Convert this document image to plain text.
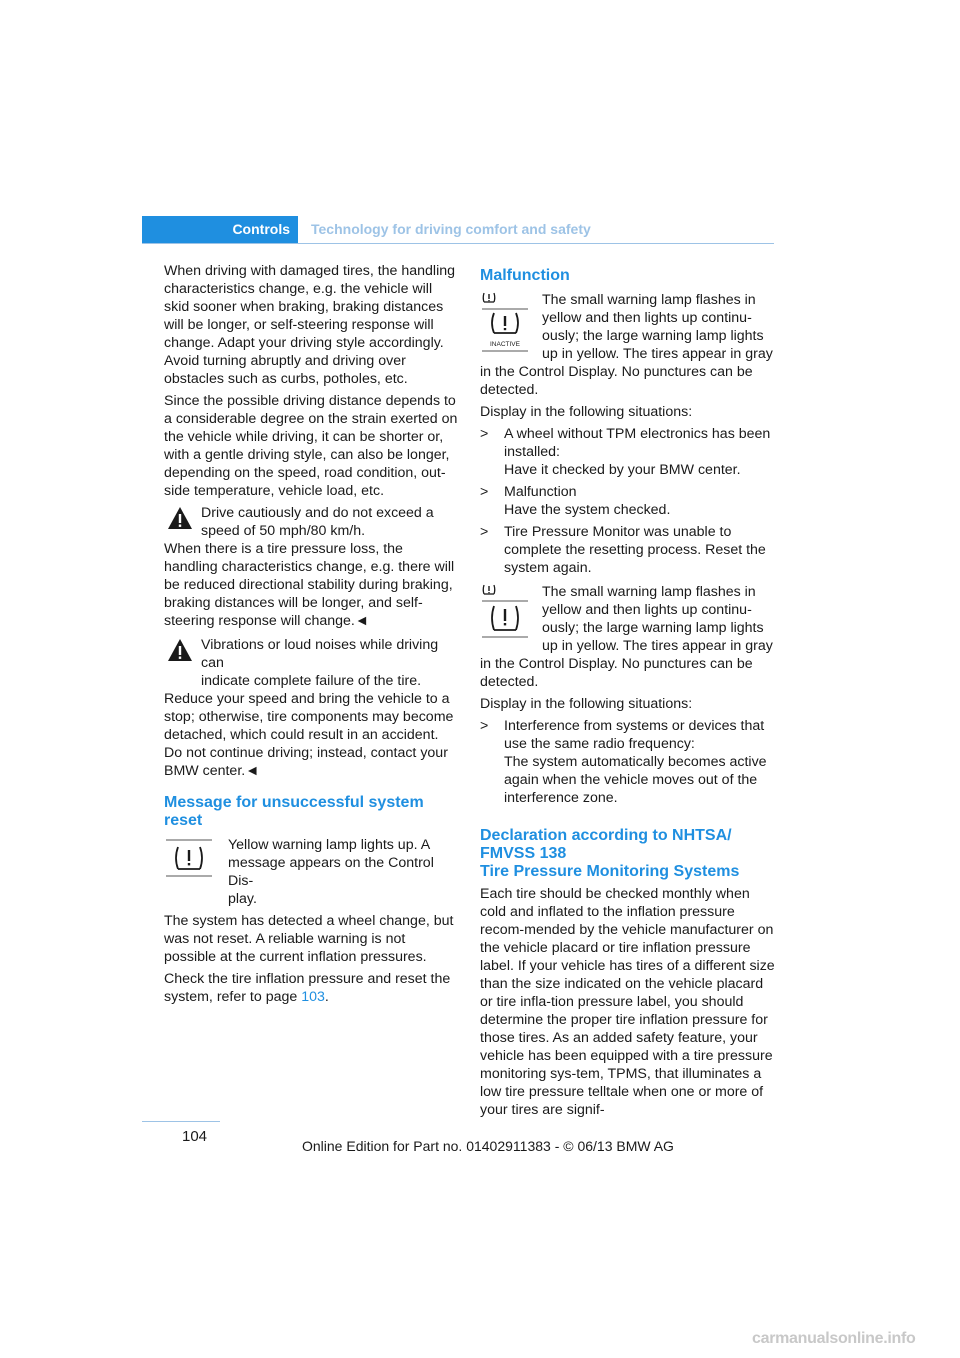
Controls	Technology for driving comfort and safety

When driving with damaged tires, the handling characteristics change, e.g. the vehicle will skid sooner when braking, braking distances will be longer, or self-steering response will change. Adapt your driving style accordingly. Avoid turning abruptly and driving over obstacles such as curbs, potholes, etc.

Since the possible driving distance depends to a considerable degree on the strain exerted on the vehicle while driving, it can be shorter or, with a gentle driving style, can also be longer, depending on the speed, road condition, out-side temperature, vehicle load, etc.

Drive cautiously and do not exceed a
speed of 50 mph/80 km/h.
When there is a tire pressure loss, the handling characteristics change, e.g. there will be reduced directional stability during braking, braking distances will be longer, and self-steering response will change.◄

Vibrations or loud noises while driving can
indicate complete failure of the tire.
Reduce your speed and bring the vehicle to a stop; otherwise, tire components may become detached, which could result in an accident. Do not continue driving; instead, contact your BMW center.◄

Message for unsuccessful system reset

Yellow warning lamp lights up. A
message appears on the Control Dis-
play.

The system has detected a wheel change, but was not reset. A reliable warning is not possible at the current inflation pressures.

Check the tire inflation pressure and reset the system, refer to page 103.

Malfunction
INACTIVE

The small warning lamp flashes in
yellow and then lights up continu-
ously; the large warning lamp lights
up in yellow. The tires appear in gray
in the Control Display. No punctures can be detected.

Display in the following situations:

> A wheel without TPM electronics has been installed:
Have it checked by your BMW center.
> Malfunction
Have the system checked.
> Tire Pressure Monitor was unable to complete the resetting process. Reset the system again.

The small warning lamp flashes in
yellow and then lights up continu-
ously; the large warning lamp lights
up in yellow. The tires appear in gray
in the Control Display. No punctures can be detected.

Display in the following situations:

> Interference from systems or devices that use the same radio frequency:
The system automatically becomes active again when the vehicle moves out of the interference zone.
Declaration according to NHTSA/
FMVSS 138
Tire Pressure Monitoring Systems

Each tire should be checked monthly when cold and inflated to the inflation pressure recom-mended by the vehicle manufacturer on the vehicle placard or tire inflation pressure label. If your vehicle has tires of a different size than the size indicated on the vehicle placard or tire infla-tion pressure label, you should determine the proper tire inflation pressure for those tires. As an added safety feature, your vehicle has been equipped with a tire pressure monitoring sys-tem, TPMS, that illuminates a low tire pressure telltale when one or more of your tires are signif-

104
Online Edition for Part no. 01402911383 - © 06/13 BMW AG
carmanualsonline.info
